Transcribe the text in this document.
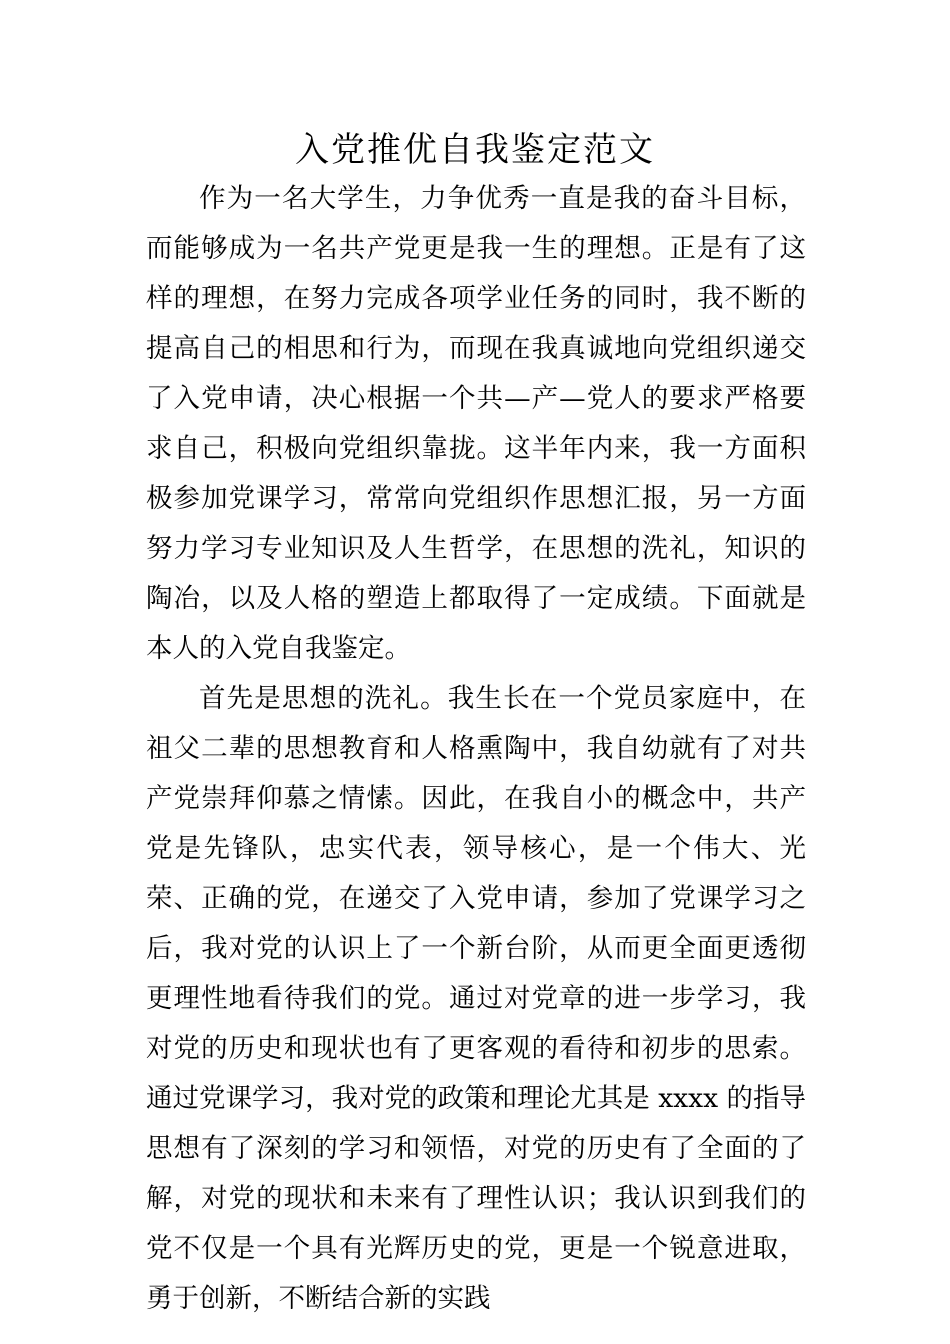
入党推优自我鉴定范文

作为一名大学生，力争优秀一直是我的奋斗目标，而能够成为一名共产党更是我一生的理想。正是有了这样的理想，在努力完成各项学业任务的同时，我不断的提高自己的相思和行为，而现在我真诚地向党组织递交了入党申请，决心根据一个共—产—党人的要求严格要求自己，积极向党组织靠拢。这半年内来，我一方面积极参加党课学习，常常向党组织作思想汇报，另一方面努力学习专业知识及人生哲学，在思想的洗礼，知识的陶冶，以及人格的塑造上都取得了一定成绩。下面就是本人的入党自我鉴定。

首先是思想的洗礼。我生长在一个党员家庭中，在祖父二辈的思想教育和人格熏陶中，我自幼就有了对共产党崇拜仰慕之情愫。因此，在我自小的概念中，共产党是先锋队，忠实代表，领导核心，是一个伟大、光荣、正确的党，在递交了入党申请，参加了党课学习之后，我对党的认识上了一个新台阶，从而更全面更透彻更理性地看待我们的党。通过对党章的进一步学习，我对党的历史和现状也有了更客观的看待和初步的思索。通过党课学习，我对党的政策和理论尤其是 xxxx 的指导思想有了深刻的学习和领悟，对党的历史有了全面的了解，对党的现状和未来有了理性认识；我认识到我们的党不仅是一个具有光辉历史的党，更是一个锐意进取，勇于创新，不断结合新的实践
